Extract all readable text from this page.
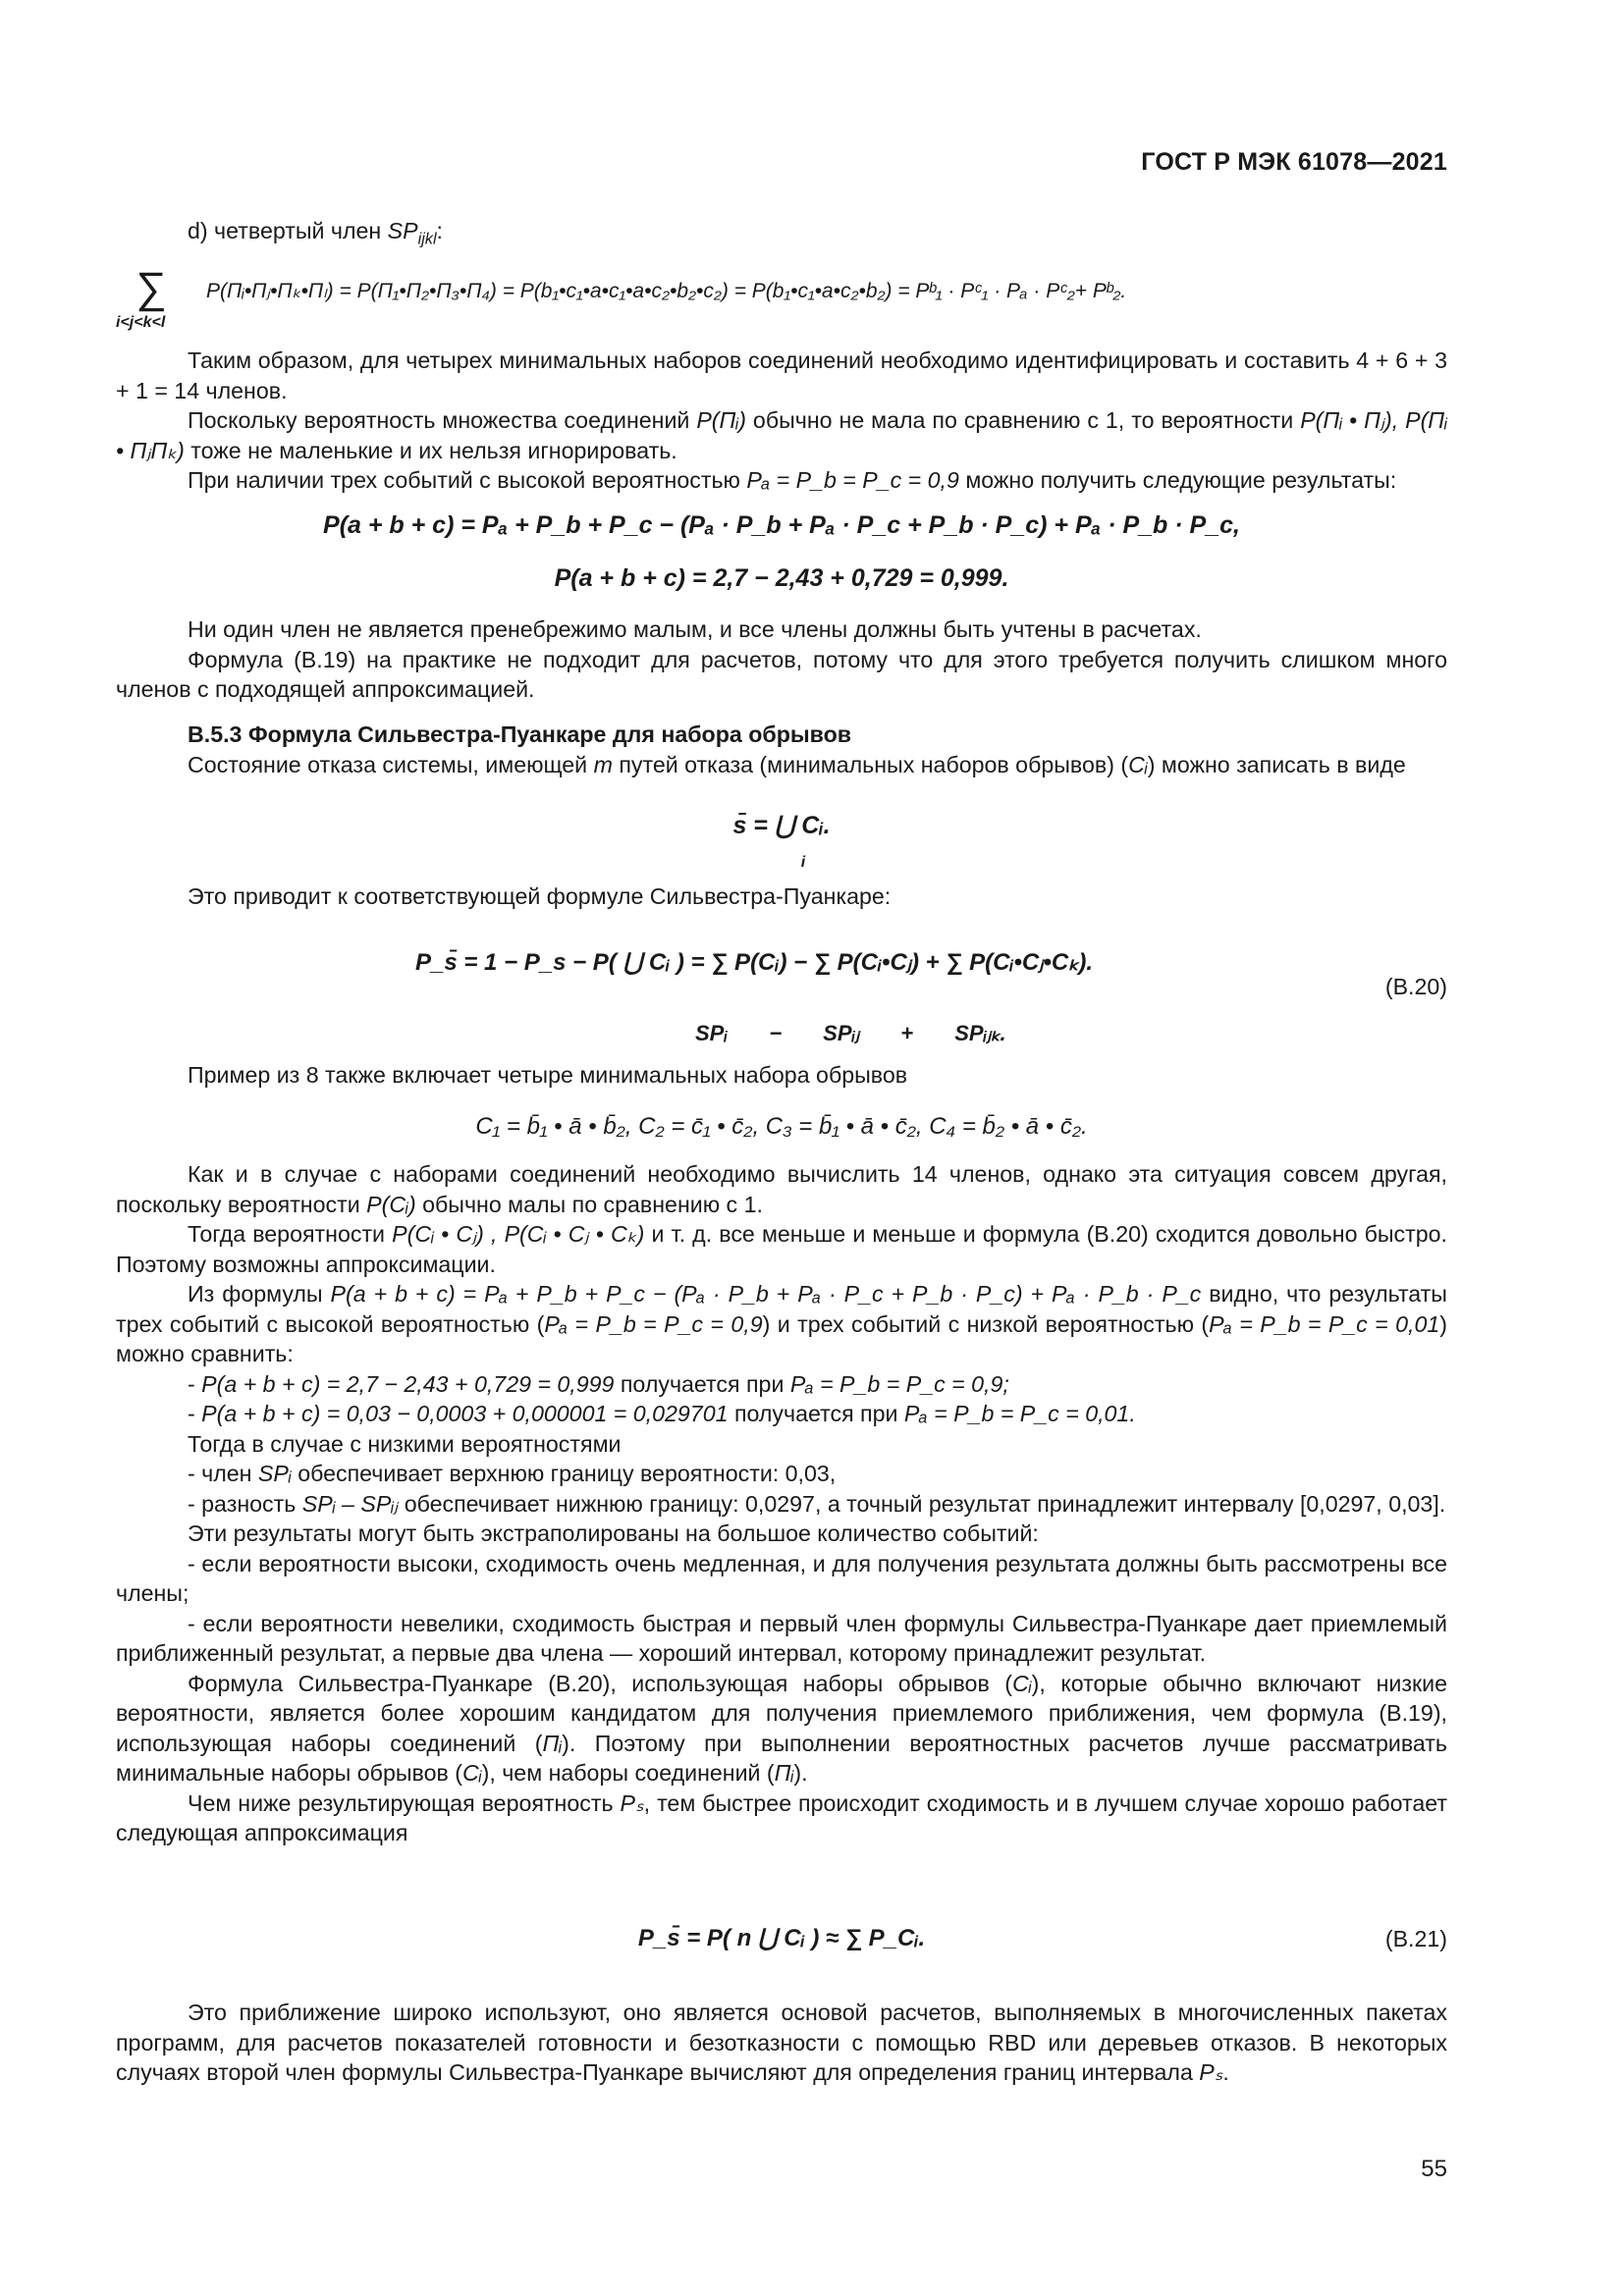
ГОСТ Р МЭК 61078—2021

d) четвертый член $SP_{ijkl}$:

∑
i<j<k<l
P(Πᵢ•Πⱼ•Πₖ•Πₗ) = P(Π₁•Π₂•Π₃•Π₄) = P(b₁•c₁•a•c₁•a•c₂•b₂•c₂) = P(b₁•c₁•a•c₂•b₂) = Pᵇ₁ · Pᶜ₁ · Pₐ · Pᶜ₂+ Pᵇ₂.

Таким образом, для четырех минимальных наборов соединений необходимо идентифицировать и составить 4 + 6 + 3 + 1 = 14 членов.

Поскольку вероятность множества соединений P(Πᵢ) обычно не мала по сравнению с 1, то вероятности P(Πᵢ • Πⱼ), P(Πᵢ • ΠⱼΠₖ) тоже не маленькие и их нельзя игнорировать.

При наличии трех событий с высокой вероятностью Pₐ = P_b = P_c = 0,9 можно получить следующие результаты:

P(a + b + c) = Pₐ + P_b + P_c − (Pₐ · P_b + Pₐ · P_c + P_b · P_c) + Pₐ · P_b · P_c,
P(a + b + c) = 2,7 − 2,43 + 0,729 = 0,999.

Ни один член не является пренебрежимо малым, и все члены должны быть учтены в расчетах.

Формула (В.19) на практике не подходит для расчетов, потому что для этого требуется получить слишком много членов с подходящей аппроксимацией.

В.5.3 Формула Сильвестра-Пуанкаре для набора обрывов

Состояние отказа системы, имеющей m путей отказа (минимальных наборов обрывов) (Cᵢ) можно записать в виде

s̄ = ⋃ Cᵢ.
i

Это приводит к соответствующей формуле Сильвестра-Пуанкаре:

P_s̄ = 1 − P_s − P( ⋃ Cᵢ ) = ∑ P(Cᵢ) − ∑ P(Cᵢ•Cⱼ) + ∑ P(Cᵢ•Cⱼ•Cₖ).
SPᵢ − SPᵢⱼ + SPᵢⱼₖ.
(В.20)

Пример из 8 также включает четыре минимальных набора обрывов

C₁ = b̄₁ • ā • b̄₂, C₂ = c̄₁ • c̄₂, C₃ = b̄₁ • ā • c̄₂, C₄ = b̄₂ • ā • c̄₂.

Как и в случае с наборами соединений необходимо вычислить 14 членов, однако эта ситуация совсем другая, поскольку вероятности P(Cᵢ) обычно малы по сравнению с 1.

Тогда вероятности P(Cᵢ • Cⱼ) , P(Cᵢ • Cⱼ • Cₖ) и т. д. все меньше и меньше и формула (В.20) сходится довольно быстро. Поэтому возможны аппроксимации.

Из формулы P(a + b + c) = Pₐ + P_b + P_c − (Pₐ · P_b + Pₐ · P_c + P_b · P_c) + Pₐ · P_b · P_c видно, что результаты трех событий с высокой вероятностью (Pₐ = P_b = P_c = 0,9) и трех событий с низкой вероятностью (Pₐ = P_b = P_c = 0,01) можно сравнить:

- P(a + b + c) = 2,7 − 2,43 + 0,729 = 0,999 получается при Pₐ = P_b = P_c = 0,9;

- P(a + b + c) = 0,03 − 0,0003 + 0,000001 = 0,029701 получается при Pₐ = P_b = P_c = 0,01.

Тогда в случае с низкими вероятностями

- член SPᵢ обеспечивает верхнюю границу вероятности: 0,03,

- разность SPᵢ – SPᵢⱼ обеспечивает нижнюю границу: 0,0297, а точный результат принадлежит интервалу [0,0297, 0,03].

Эти результаты могут быть экстраполированы на большое количество событий:

- если вероятности высоки, сходимость очень медленная, и для получения результата должны быть рассмотрены все члены;

- если вероятности невелики, сходимость быстрая и первый член формулы Сильвестра-Пуанкаре дает приемлемый приближенный результат, а первые два члена — хороший интервал, которому принадлежит результат.

Формула Сильвестра-Пуанкаре (В.20), использующая наборы обрывов (Cᵢ), которые обычно включают низкие вероятности, является более хорошим кандидатом для получения приемлемого приближения, чем формула (В.19), использующая наборы соединений (Πᵢ). Поэтому при выполнении вероятностных расчетов лучше рассматривать минимальные наборы обрывов (Cᵢ), чем наборы соединений (Πᵢ).

Чем ниже результирующая вероятность Pₛ, тем быстрее происходит сходимость и в лучшем случае хорошо работает следующая аппроксимация

P_s̄ = P( n ⋃ Cᵢ ) ≈ ∑ P_Cᵢ.	(В.21)

Это приближение широко используют, оно является основой расчетов, выполняемых в многочисленных пакетах программ, для расчетов показателей готовности и безотказности с помощью RBD или деревьев отказов. В некоторых случаях второй член формулы Сильвестра-Пуанкаре вычисляют для определения границ интервала Pₛ.

55
